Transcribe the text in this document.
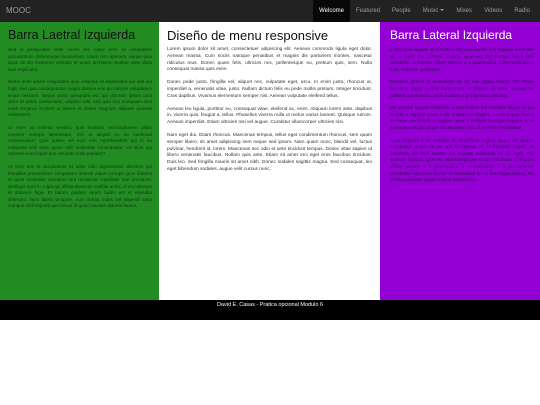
MOOC	Welcome	Featured	People	Music	Mixes	Videos	Radio
Barra Laetral Izquierda

Sed ut perspiciatis unde omnis iste natus error sit voluptatem accusantium doloremque laudantium, totam rem aperiam, eaque ipsa quae ab illo inventore veritatis et quasi architecto beatae vitae dicta sunt explicabo.

Nemo enim ipsam voluptatem quia voluptas sit aspernatur aut odit aut fugit, sed quia consequuntur magni dolores eos qui ratione voluptatem sequi nesciunt. Neque porro quisquam est, qui dolorem ipsum quia dolor sit amet, consectetur, adipisci velit, sed quia non numquam eius modi tempora incidunt ut labore et dolore magnam aliquam quaerat voluptatem.

Ut enim ad minima veniam, quis nostrum exercitationem ullam corporis suscipit laboriosam, nisi ut aliquid ex ea commodi consequatur? Quis autem vel eum iure reprehenderit qui in ea voluptate velit esse quam nihil molestiae consequatur, vel illum qui dolorem eum fugiat quo voluptas nulla pariatur?

At vero eos et accusamus et iusto odio dignissimos ducimus qui blanditiis praesentium voluptatum deleniti atque corrupti quos dolores et quas molestias excepturi sint occaecati cupiditate non provident, similique sunt in culpa qui officia deserunt mollitia animi, id est laborum et dolorum fuga. Et harum quidem rerum facilis est et expedita distinctio. Nam libero tempore, cum soluta nobis est eligendi optio cumque nihil impedit quo minus id quod maxime placeat facere.

Diseño de menu responsive

Lorem ipsum dolor sit amet, consectetuer adipiscing elit. Aenean commodo ligula eget dolor. Aenean massa. Cum sociis natoque penatibus et magnis dis parturient montes, nascetur ridiculus mus. Donec quam felis, ultricies nec, pellentesque eu, pretium quis, sem. Nulla consequat massa quis enim.

Donec pede justo, fringilla vel, aliquet nec, vulputate eget, arcu. In enim justo, rhoncus ut, imperdiet a, venenatis vitae, justo. Nullam dictum felis eu pede mollis pretium. Integer tincidunt. Cras dapibus. Vivamus elementum semper nisi. Aenean vulputate eleifend tellus.

Aenean leo ligula, porttitor eu, consequat vitae, eleifend ac, enim. Aliquam lorem ante, dapibus in, viverra quis, feugiat a, tellus. Phasellus viverra nulla ut metus varius laoreet. Quisque rutrum. Aenean imperdiet. Etiam ultricies nisi vel augue. Curabitur ullamcorper ultricies nisi.

Nam eget dui. Etiam rhoncus. Maecenas tempus, tellus eget condimentum rhoncus, sem quam semper libero, sit amet adipiscing sem neque sed ipsum. Nam quam nunc, blandit vel, luctus pulvinar, hendrerit id, lorem. Maecenas nec odio et ante tincidunt tempus. Donec vitae sapien ut libero venenatis faucibus. Nullam quis ante. Etiam sit amet orci eget eros faucibus tincidunt. Duis leo. Sed fringilla mauris sit amet nibh. Donec sodales sagittis magna. Sed consequat, leo eget bibendum sodales, augue velit cursus nunc.

Barra Lateral Izquierda

Li Europan lingues es membres del sam familie. Lor separat existentie es un myth. Por scientie, musica, sport etc, litot Europa usa li sam vocabular. Li lingues differe solmen in li grammatica, li pronunciation e li plu commun vocabules.

Omnicos directe al desirabilite de un nov lingua franca: On refusa continuar payar custosi traductores. At solmen va esser necessi far uniform grammatica, pronunciation e plu sommun paroles.

Ma quande lingues coalesce, li grammatica del resultant lingue es plu simplic e regulari quam ti del coalescent lingues. Li nov lingua franca va esser plu simplic e regulari quam li existent Europan lingues. It va esser tam simplic quam Occidental in fact, it va esser Occidental.

A un Angleso it va semblar un simplificat Angles, quam un skeptic Cambridge amico dit me que Occidental es. Li Europan lingues es membres del sam familie. Lor separat existentie es un myth. Por scientie, musica, sport etc, litot Europa usa li sam vocabular. Li lingues differe solmen in li grammatica, li pronunciation e li plu commun vocabules. Omnicos directe al desirabilite de un nov lingua franca: On refusa continuar payar custosi traductores.

David E. Casas - Pratica opcional Modulo 6
